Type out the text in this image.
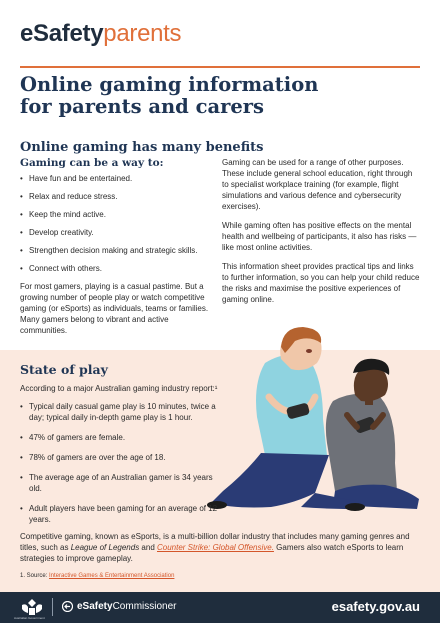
eSafetyparents
Online gaming information
for parents and carers
Online gaming has many benefits
Gaming can be a way to:
• Have fun and be entertained.
• Relax and reduce stress.
• Keep the mind active.
• Develop creativity.
• Strengthen decision making and strategic skills.
• Connect with others.

For most gamers, playing is a casual pastime. But a growing number of people play or watch competitive gaming (or eSports) as individuals, teams or families. Many gamers belong to vibrant and active communities.

Gaming can be used for a range of other purposes. These include general school education, right through to specialist workplace training (for example, flight simulations and various defence and cybersecurity exercises).

While gaming often has positive effects on the mental health and wellbeing of participants, it also has risks — like most online activities.

This information sheet provides practical tips and links to further information, so you can help your child reduce the risks and maximise the positive experiences of gaming online.

State of play

According to a major Australian gaming industry report:¹

• Typical daily casual game play is 10 minutes, twice a day; typical daily in-depth game play is 1 hour.
• 47% of gamers are female.
• 78% of gamers are over the age of 18.
• The average age of an Australian gamer is 34 years old.
• Adult players have been gaming for an average of 12 years.

Competitive gaming, known as eSports, is a multi-billion dollar industry that includes many gaming genres and titles, such as League of Legends and Counter Strike: Global Offensive. Gamers also watch eSports to learn strategies to improve gameplay.

1. Source: Interactive Games & Entertainment Association

Australian Government
eSafetyCommissioner	esafety.gov.au
